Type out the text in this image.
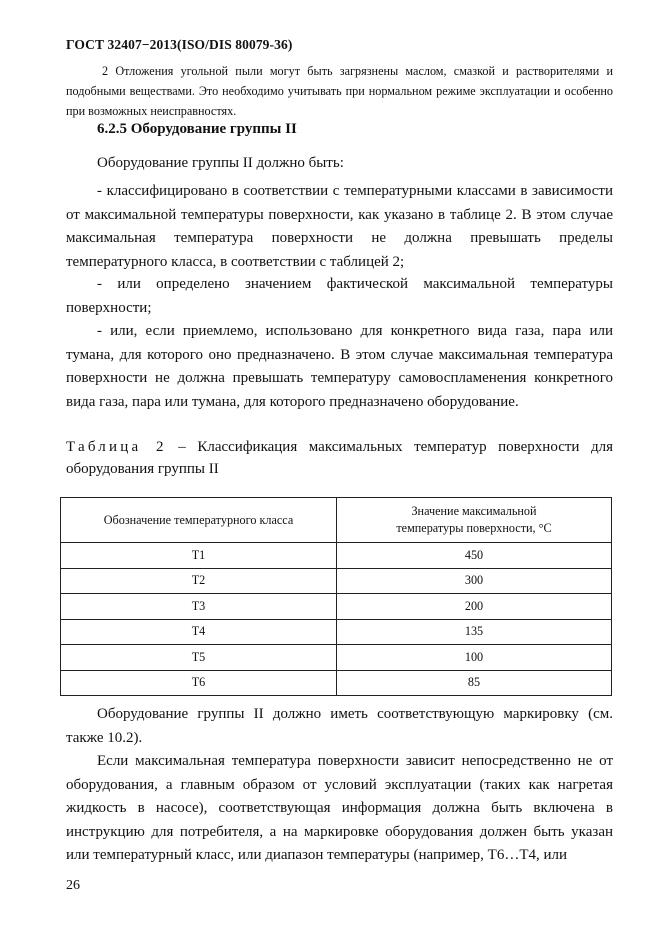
ГОСТ 32407−2013(ISO/DIS 80079-36)
2 Отложения угольной пыли могут быть загрязнены маслом, смазкой и растворителями и подобными веществами. Это необходимо учитывать при нормальном режиме эксплуатации и особенно при возможных неисправностях.
6.2.5 Оборудование группы II

Оборудование группы II должно быть:

- классифицировано в соответствии с температурными классами в зависимости от максимальной температуры поверхности, как указано в таблице 2. В этом случае максимальная температура поверхности не должна превышать пределы температурного класса, в соответствии с таблицей 2;

- или определено значением фактической максимальной температуры поверхности;

- или, если приемлемо, использовано для конкретного вида газа, пара или тумана, для которого оно предназначено. В этом случае максимальная температура поверхности не должна превышать температуру самовоспламенения конкретного вида газа, пара или тумана, для которого предназначено оборудование.

Таблица 2 – Классификация максимальных температур поверхности для оборудования группы II
Обозначение температурного класса	Значение максимальной температуры поверхности, °С
Т1	450
Т2	300
Т3	200
Т4	135
Т5	100
Т6	85

Оборудование группы II должно иметь соответствующую маркировку (см. также 10.2).

Если максимальная температура поверхности зависит непосредственно не от оборудования, а главным образом от условий эксплуатации (таких как нагретая жидкость в насосе), соответствующая информация должна быть включена в инструкцию для потребителя, а на маркировке оборудования должен быть указан или температурный класс, или диапазон температуры (например, Т6…Т4, или

26
